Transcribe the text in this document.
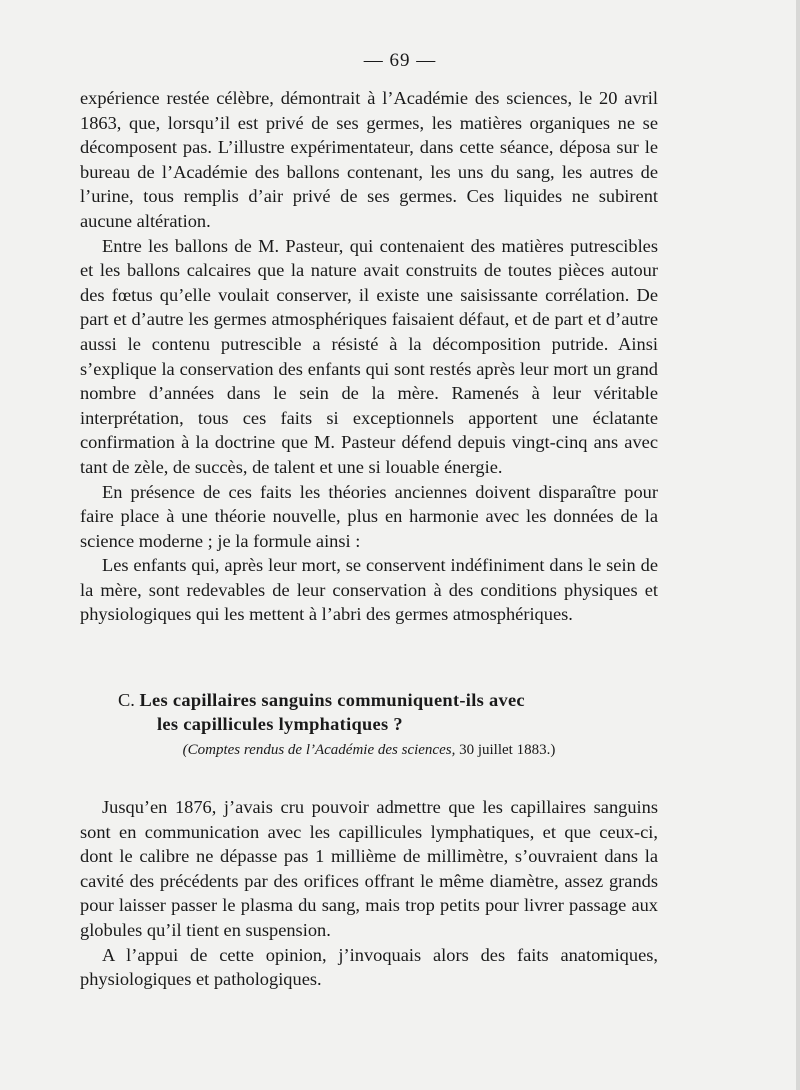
— 69 —

expérience restée célèbre, démontrait à l’Académie des sciences, le 20 avril 1863, que, lorsqu’il est privé de ses germes, les matières organiques ne se décomposent pas. L’illustre expérimentateur, dans cette séance, déposa sur le bureau de l’Académie des ballons contenant, les uns du sang, les autres de l’urine, tous remplis d’air privé de ses germes. Ces liquides ne subirent aucune altération.

Entre les ballons de M. Pasteur, qui contenaient des matières putrescibles et les ballons calcaires que la nature avait construits de toutes pièces autour des fœtus qu’elle voulait conserver, il existe une saisissante corrélation. De part et d’autre les germes atmosphériques faisaient défaut, et de part et d’autre aussi le contenu putrescible a résisté à la décomposition putride. Ainsi s’explique la conservation des enfants qui sont restés après leur mort un grand nombre d’années dans le sein de la mère. Ramenés à leur véritable interprétation, tous ces faits si exceptionnels apportent une éclatante confirmation à la doctrine que M. Pasteur défend depuis vingt-cinq ans avec tant de zèle, de succès, de talent et une si louable énergie.

En présence de ces faits les théories anciennes doivent disparaître pour faire place à une théorie nouvelle, plus en harmonie avec les données de la science moderne ; je la formule ainsi :

Les enfants qui, après leur mort, se conservent indéfiniment dans le sein de la mère, sont redevables de leur conservation à des conditions physiques et physiologiques qui les mettent à l’abri des germes atmosphériques.

C. Les capillaires sanguins communiquent-ils avec
les capillicules lymphatiques ?
(Comptes rendus de l’Académie des sciences, 30 juillet 1883.)

Jusqu’en 1876, j’avais cru pouvoir admettre que les capillaires sanguins sont en communication avec les capillicules lymphatiques, et que ceux-ci, dont le calibre ne dépasse pas 1 millième de millimètre, s’ouvraient dans la cavité des précédents par des orifices offrant le même diamètre, assez grands pour laisser passer le plasma du sang, mais trop petits pour livrer passage aux globules qu’il tient en suspension.

A l’appui de cette opinion, j’invoquais alors des faits anatomiques, physiologiques et pathologiques.
